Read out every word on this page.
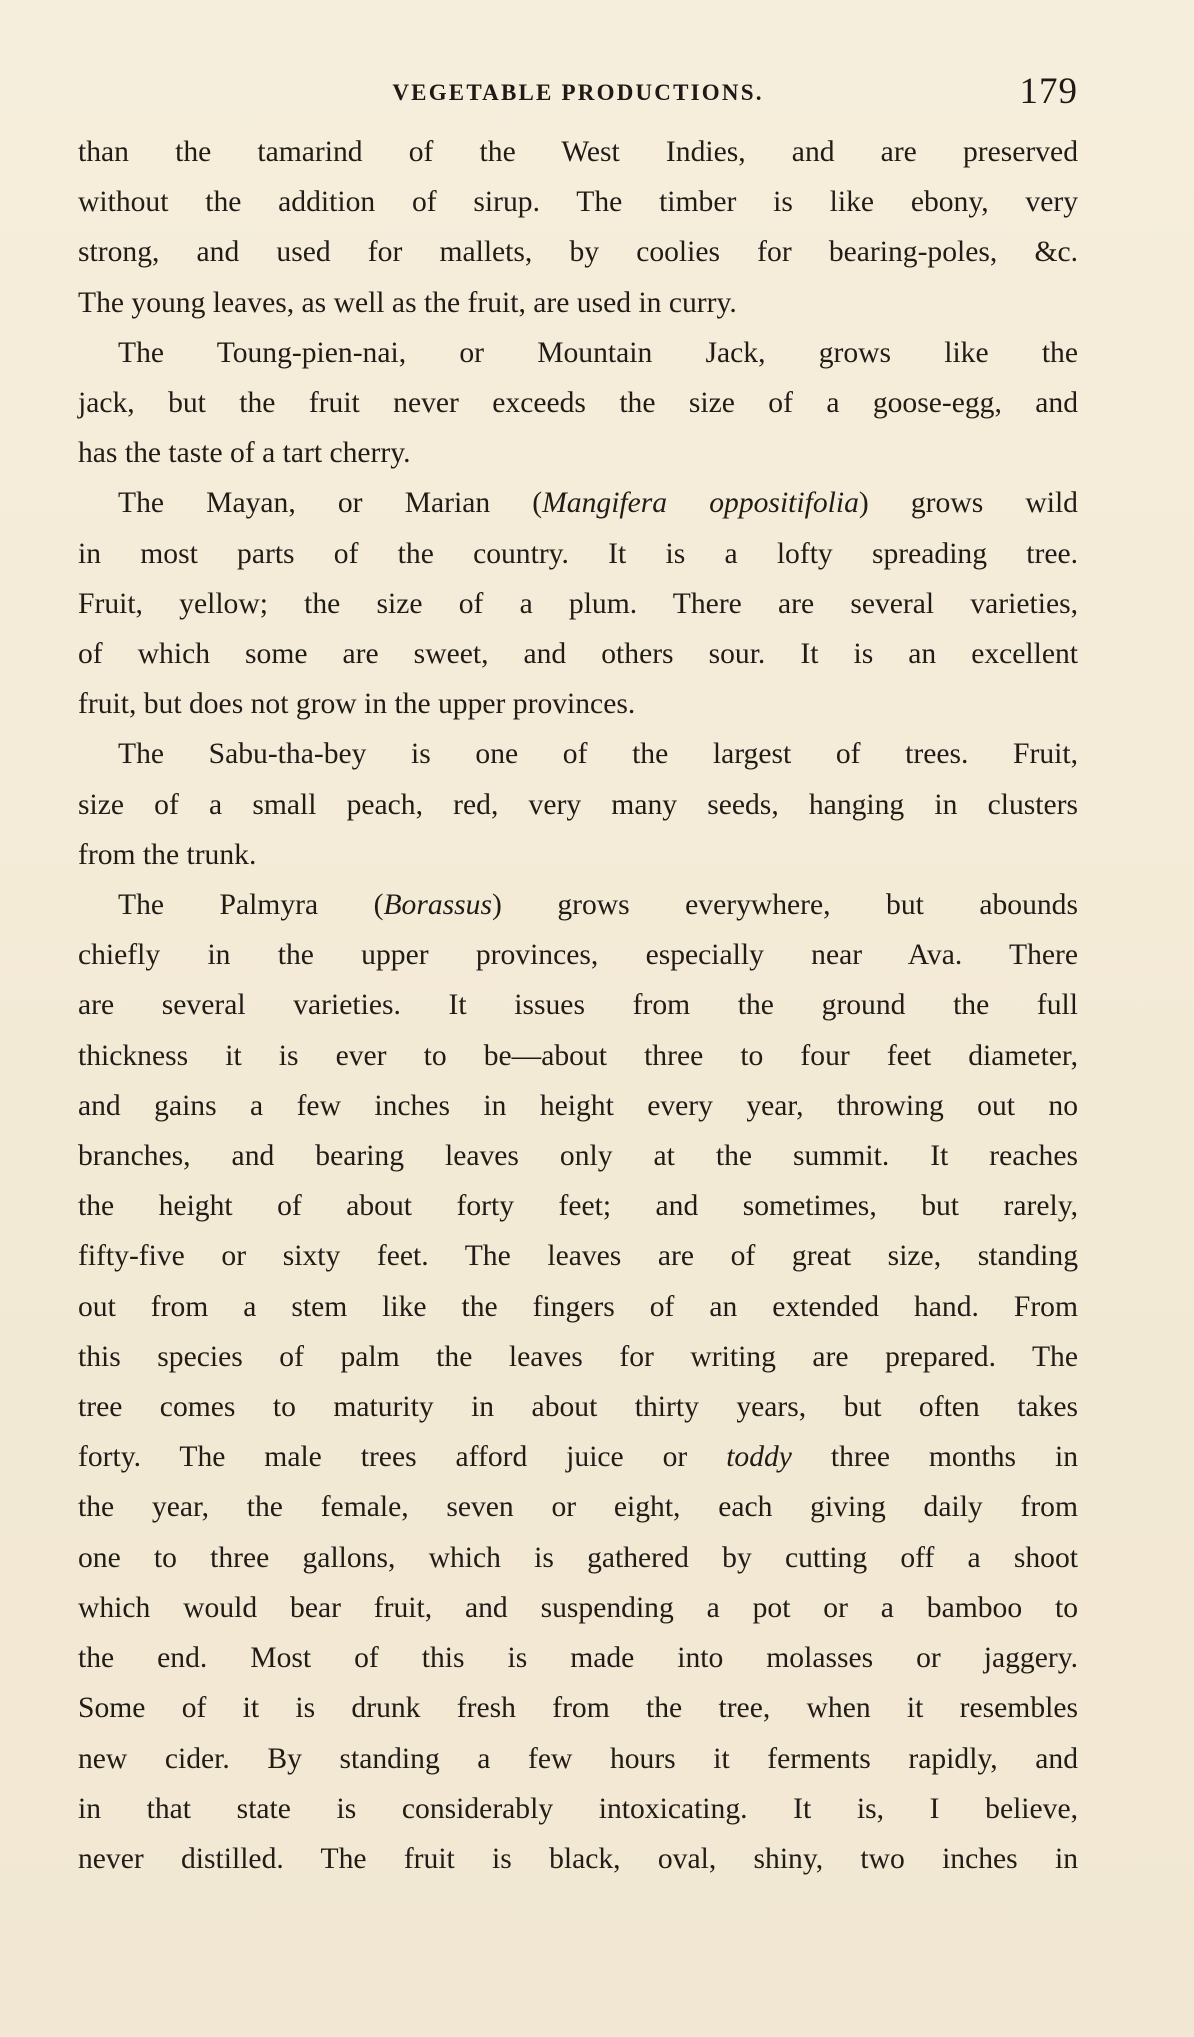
VEGETABLE PRODUCTIONS.	179
than the tamarind of the West Indies, and are preserved
without the addition of sirup. The timber is like ebony, very
strong, and used for mallets, by coolies for bearing-poles, &c.
The young leaves, as well as the fruit, are used in curry.
The Toung-pien-nai, or Mountain Jack, grows like the
jack, but the fruit never exceeds the size of a goose-egg, and
has the taste of a tart cherry.
The Mayan, or Marian (Mangifera oppositifolia) grows wild
in most parts of the country. It is a lofty spreading tree.
Fruit, yellow; the size of a plum. There are several varieties,
of which some are sweet, and others sour. It is an excellent
fruit, but does not grow in the upper provinces.
The Sabu-tha-bey is one of the largest of trees. Fruit,
size of a small peach, red, very many seeds, hanging in clusters
from the trunk.
The Palmyra (Borassus) grows everywhere, but abounds
chiefly in the upper provinces, especially near Ava. There
are several varieties. It issues from the ground the full
thickness it is ever to be—about three to four feet diameter,
and gains a few inches in height every year, throwing out no
branches, and bearing leaves only at the summit. It reaches
the height of about forty feet; and sometimes, but rarely,
fifty-five or sixty feet. The leaves are of great size, standing
out from a stem like the fingers of an extended hand. From
this species of palm the leaves for writing are prepared. The
tree comes to maturity in about thirty years, but often takes
forty. The male trees afford juice or toddy three months in
the year, the female, seven or eight, each giving daily from
one to three gallons, which is gathered by cutting off a shoot
which would bear fruit, and suspending a pot or a bamboo to
the end. Most of this is made into molasses or jaggery.
Some of it is drunk fresh from the tree, when it resembles
new cider. By standing a few hours it ferments rapidly, and
in that state is considerably intoxicating. It is, I believe,
never distilled. The fruit is black, oval, shiny, two inches in
